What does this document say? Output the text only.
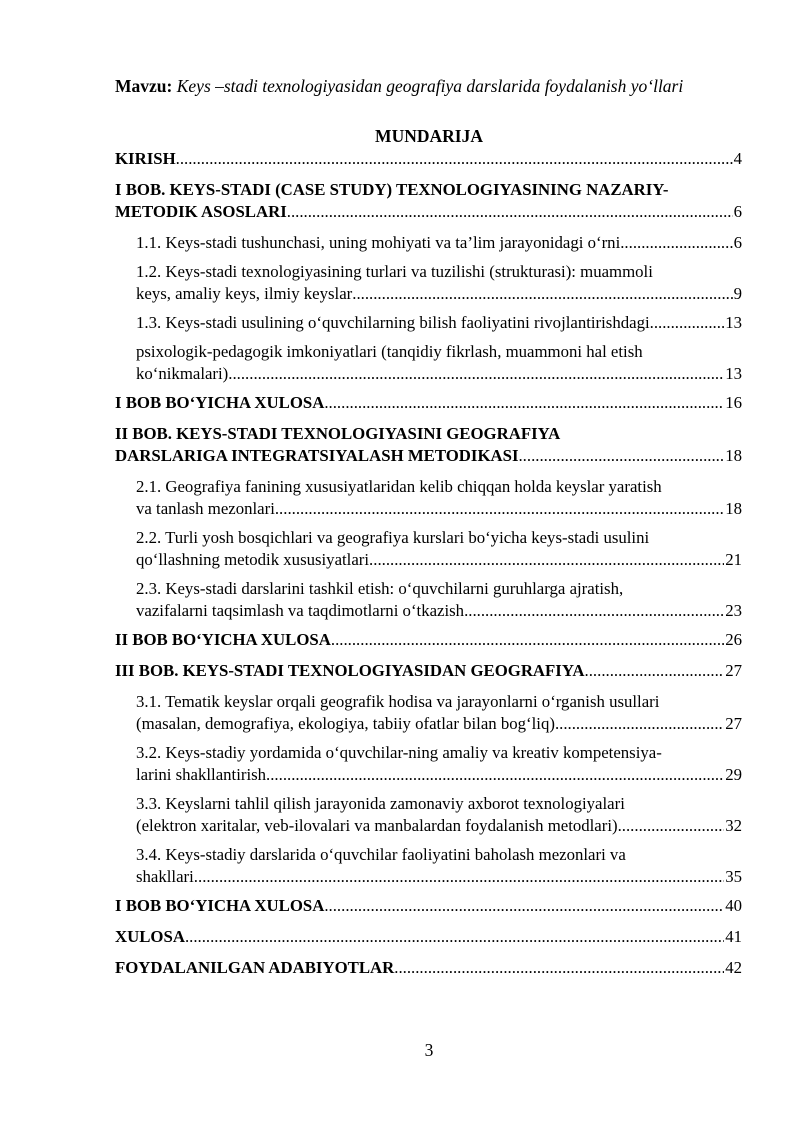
Mavzu: Keys –stadi texnologiyasidan geografiya darslarida foydalanish yo‘llari
MUNDARIJA
KIRISH .....	4
I BOB. KEYS-STADI (CASE STUDY) TEXNOLOGIYASINING NAZARIY-
METODIK ASOSLARI .....	6
1.1. Keys-stadi tushunchasi, uning mohiyati va ta’lim jarayonidagi o‘rni .....	6
1.2. Keys-stadi texnologiyasining turlari va tuzilishi (strukturasi): muammoli
keys, amaliy keys, ilmiy keyslar .....	9
1.3. Keys-stadi usulining o‘quvchilarning bilish faoliyatini rivojlantirishdagi .....	13
psixologik-pedagogik imkoniyatlari (tanqidiy fikrlash, muammoni hal etish
ko‘nikmalari) .....	13
I BOB BO‘YICHA XULOSA .....	16
II BOB. KEYS-STADI TEXNOLOGIYASINI GEOGRAFIYA
DARSLARIGA INTEGRATSIYALASH METODIKASI .....	18
2.1. Geografiya fanining xususiyatlaridan kelib chiqqan holda keyslar yaratish
va tanlash mezonlari .....	18
2.2. Turli yosh bosqichlari va geografiya kurslari bo‘yicha keys-stadi usulini
qo‘llashning metodik xususiyatlari .....	21
2.3. Keys-stadi darslarini tashkil etish: o‘quvchilarni guruhlarga ajratish,
vazifalarni taqsimlash va taqdimotlarni o‘tkazish .....	23
II BOB BO‘YICHA XULOSA .....	26
III BOB. KEYS-STADI TEXNOLOGIYASIDAN GEOGRAFIYA .....	27
3.1. Tematik keyslar orqali geografik hodisa va jarayonlarni o‘rganish usullari
(masalan, demografiya, ekologiya, tabiiy ofatlar bilan bog‘liq) .....	27
3.2. Keys-stadiy yordamida o‘quvchilar-ning amaliy va kreativ kompetensiya-
larini shakllantirish .....	29
3.3. Keyslarni tahlil qilish jarayonida zamonaviy axborot texnologiyalari
(elektron xaritalar, veb-ilovalari va manbalardan foydalanish metodlari) .....	32
3.4. Keys-stadiy darslarida o‘quvchilar faoliyatini baholash mezonlari va
shakllari .....	35
I BOB BO‘YICHA XULOSA .....	40
XULOSA .....	41
FOYDALANILGAN ADABIYOTLAR .....	42
3
